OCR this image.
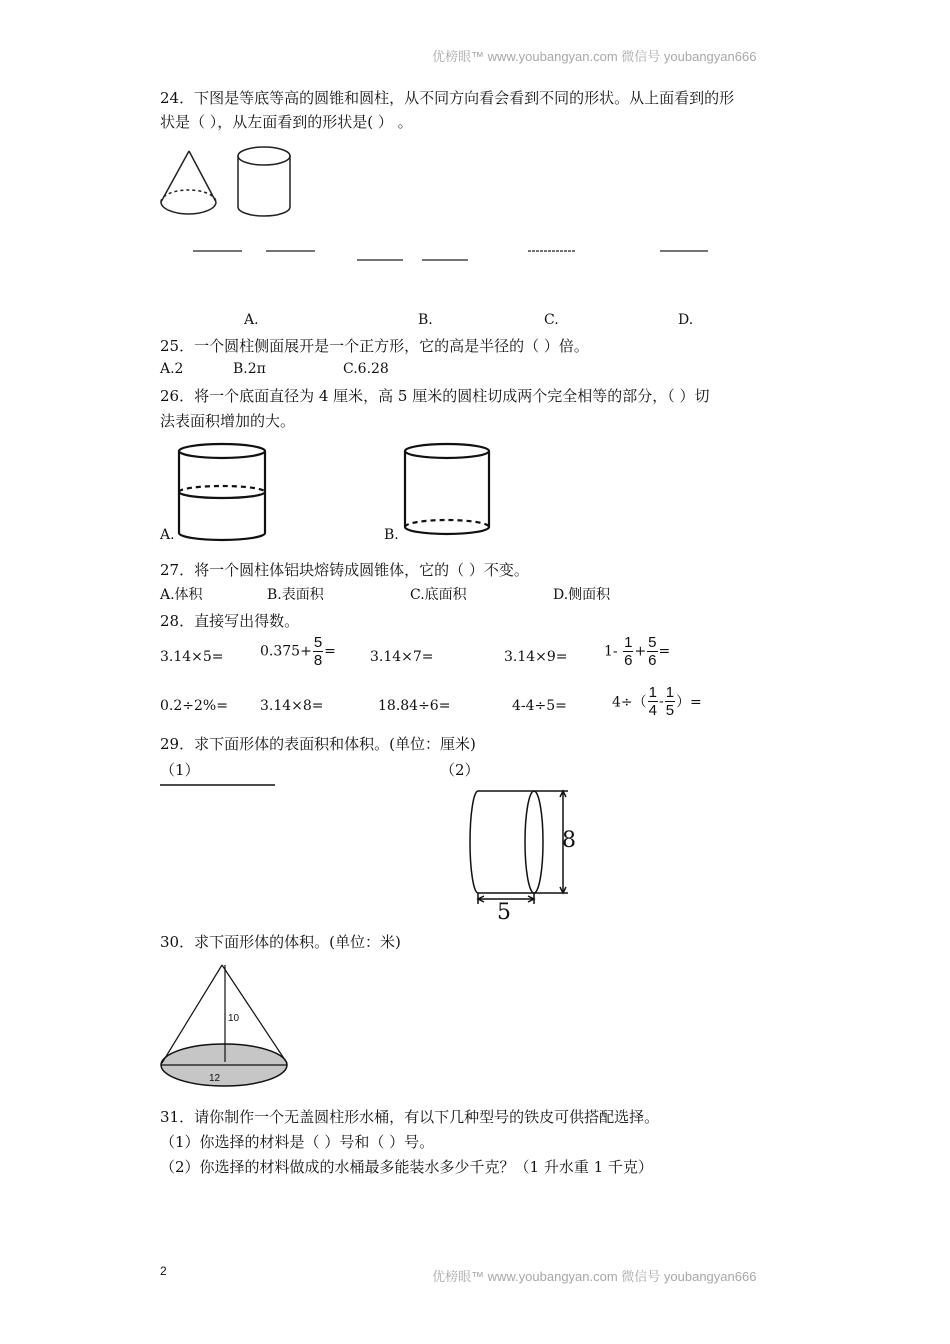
优榜眼™ www.youbangyan.com 微信号 youbangyan666
24．下图是等底等高的圆锥和圆柱，从不同方向看会看到不同的形状。从上面看到的形
状是（ ），从左面看到的形状是( ） 。
A.	B.	C.	D.
25．一个圆柱侧面展开是一个正方形，它的高是半径的（ ）倍。
A.2	B.2π	C.6.28
26．将一个底面直径为 4 厘米，高 5 厘米的圆柱切成两个完全相等的部分，（ ）切
法表面积增加的大。
A.	B.
27．将一个圆柱体铝块熔铸成圆锥体，它的（ ）不变。
A.体积	B.表面积	C.底面积	D.侧面积
28．直接写出得数。
3.14×5=	$0.375+ \frac{5}{8} = 3.14\times 7=$	3.14×9=	$1- \frac{1}{6} + \frac{5}{6}$ =
0.2÷2%= 3.14×8=	18.84÷6=	4-4÷5=	$4\div( \frac{1}{4} - \frac{1}{5}$ ）=
29．求下面形体的表面积和体积。(单位：厘米)
（1）	（2）
8
5
30．求下面形体的体积。(单位：米)
10
12
31．请你制作一个无盖圆柱形水桶，有以下几种型号的铁皮可供搭配选择。
（1）你选择的材料是（ ）号和（ ）号。
（2）你选择的材料做成的水桶最多能装水多少千克？（1 升水重 1 千克）
2	优榜眼™ www.youbangyan.com 微信号 youbangyan666
